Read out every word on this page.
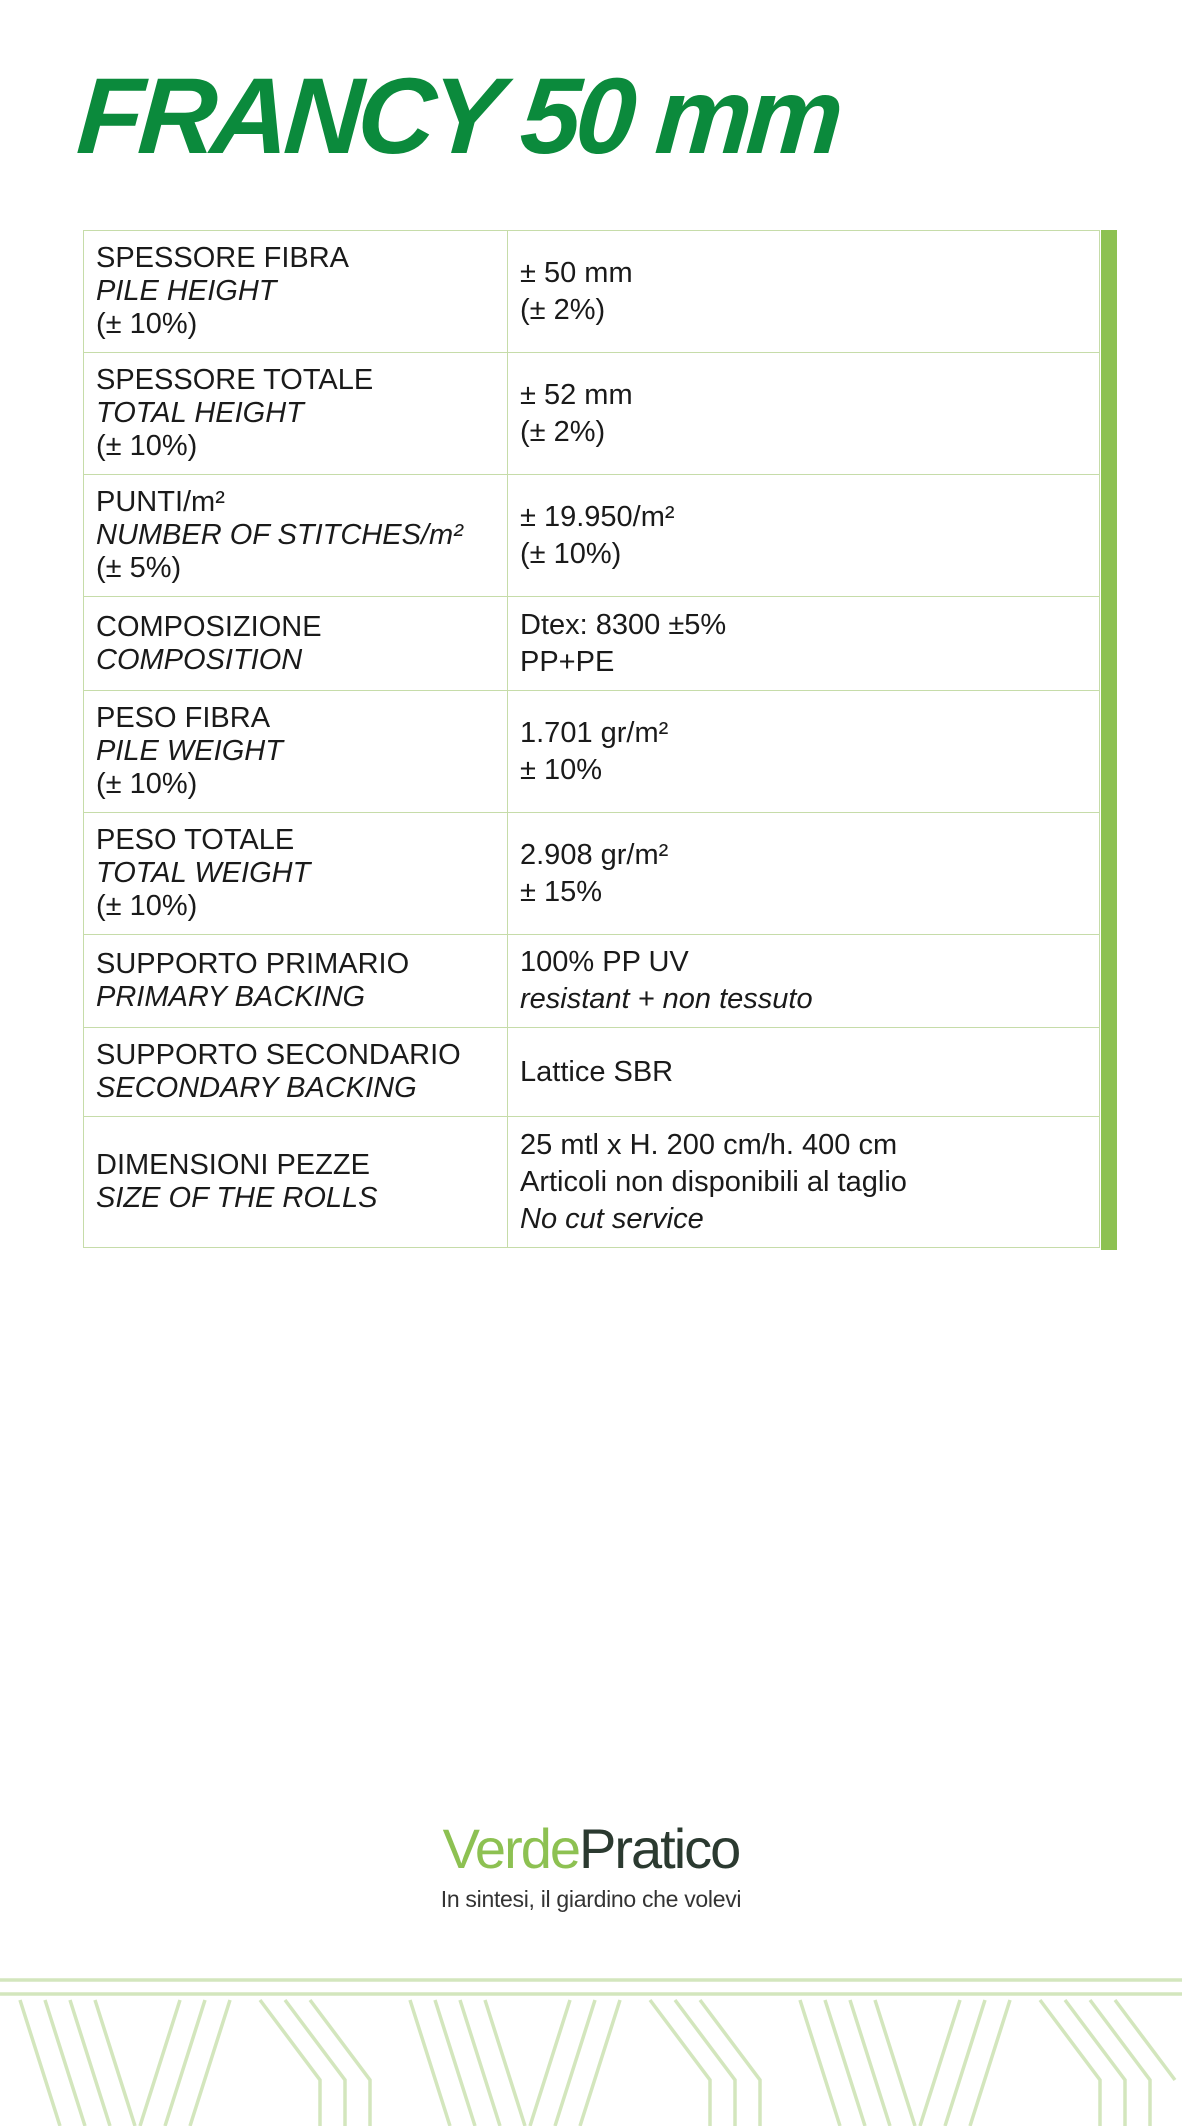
FRANCY 50 mm
SPESSORE FIBRA
PILE HEIGHT
(± 10%)	± 50 mm
(± 2%)

SPESSORE TOTALE
TOTAL HEIGHT
(± 10%)	± 52 mm
(± 2%)

PUNTI/m²
NUMBER OF STITCHES/m²
(± 5%)	± 19.950/m²
(± 10%)

COMPOSIZIONE
COMPOSITION	Dtex: 8300 ±5%
PP+PE

PESO FIBRA
PILE WEIGHT
(± 10%)	1.701 gr/m²
± 10%

PESO TOTALE
TOTAL WEIGHT
(± 10%)	2.908 gr/m²
± 15%

SUPPORTO PRIMARIO
PRIMARY BACKING	100% PP UV
resistant + non tessuto

SUPPORTO SECONDARIO
SECONDARY BACKING	Lattice SBR

DIMENSIONI PEZZE
SIZE OF THE ROLLS	25 mtl x H. 200 cm/h. 400 cm
Articoli non disponibili al taglio
No cut service
VerdePratico
In sintesi, il giardino che volevi
